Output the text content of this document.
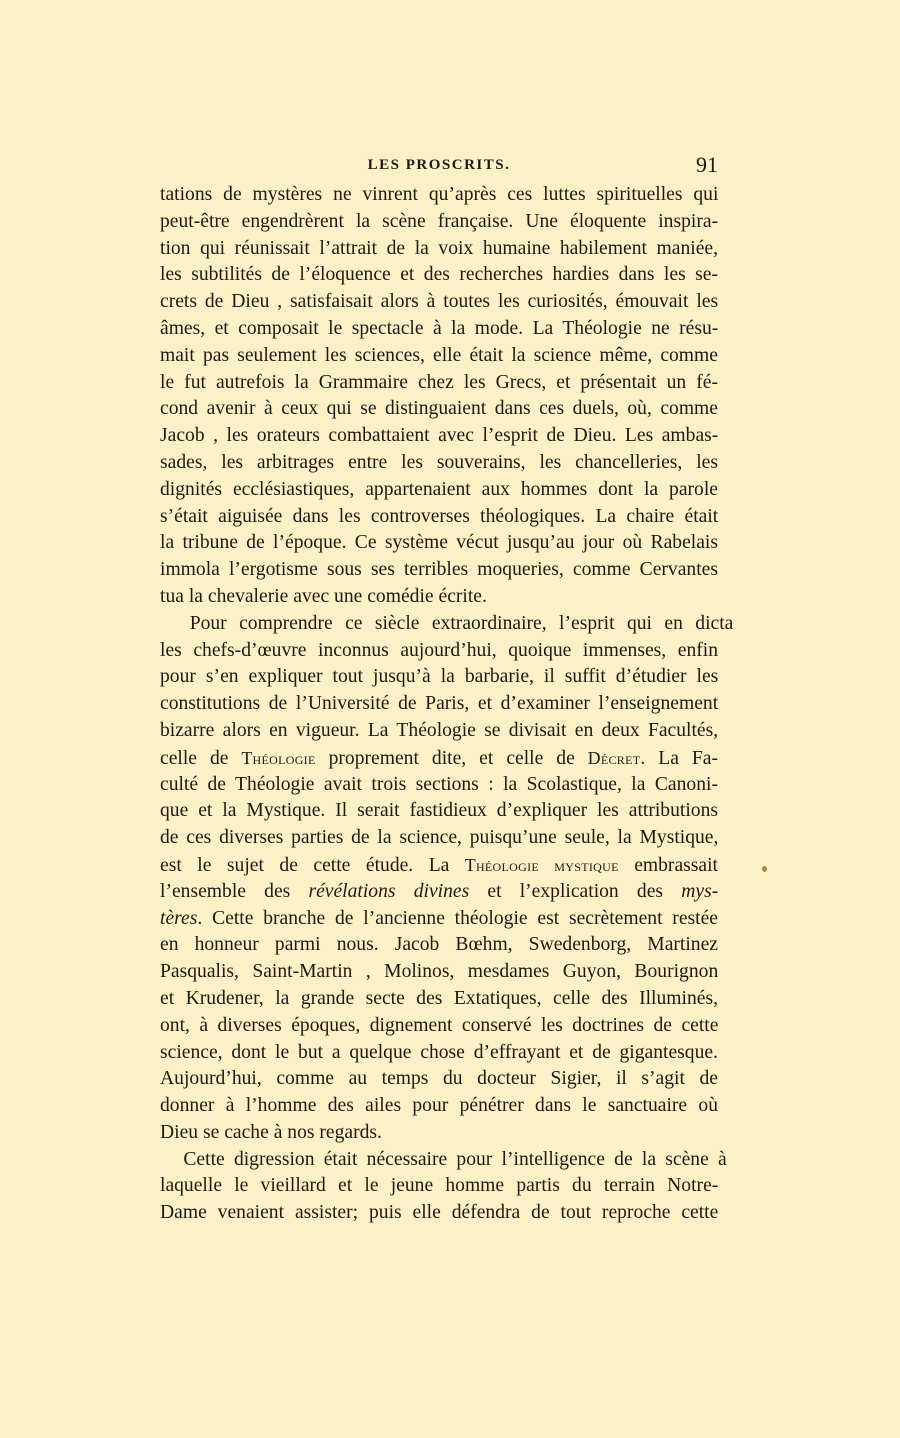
LES PROSCRITS.	91
tations de mystères ne vinrent qu’après ces luttes spirituelles qui
peut-être engendrèrent la scène française. Une éloquente inspira-
tion qui réunissait l’attrait de la voix humaine habilement maniée,
les subtilités de l’éloquence et des recherches hardies dans les se-
crets de Dieu , satisfaisait alors à toutes les curiosités, émouvait les
âmes, et composait le spectacle à la mode. La Théologie ne résu-
mait pas seulement les sciences, elle était la science même, comme
le fut autrefois la Grammaire chez les Grecs, et présentait un fé-
cond avenir à ceux qui se distinguaient dans ces duels, où, comme
Jacob , les orateurs combattaient avec l’esprit de Dieu. Les ambas-
sades, les arbitrages entre les souverains, les chancelleries, les
dignités ecclésiastiques, appartenaient aux hommes dont la parole
s’était aiguisée dans les controverses théologiques. La chaire était
la tribune de l’époque. Ce système vécut jusqu’au jour où Rabelais
immola l’ergotisme sous ses terribles moqueries, comme Cervantes
tua la chevalerie avec une comédie écrite.
Pour comprendre ce siècle extraordinaire, l’esprit qui en dicta
les chefs-d’œuvre inconnus aujourd’hui, quoique immenses, enfin
pour s’en expliquer tout jusqu’à la barbarie, il suffit d’étudier les
constitutions de l’Université de Paris, et d’examiner l’enseignement
bizarre alors en vigueur. La Théologie se divisait en deux Facultés,
celle de Théologie proprement dite, et celle de Décret. La Fa-
culté de Théologie avait trois sections : la Scolastique, la Canoni-
que et la Mystique. Il serait fastidieux d’expliquer les attributions
de ces diverses parties de la science, puisqu’une seule, la Mystique,
est le sujet de cette étude. La Théologie mystique embrassait
l’ensemble des révélations divines et l’explication des mys-
tères. Cette branche de l’ancienne théologie est secrètement restée
en honneur parmi nous. Jacob Bœhm, Swedenborg, Martinez
Pasqualis, Saint-Martin , Molinos, mesdames Guyon, Bourignon
et Krudener, la grande secte des Extatiques, celle des Illuminés,
ont, à diverses époques, dignement conservé les doctrines de cette
science, dont le but a quelque chose d’effrayant et de gigantesque.
Aujourd’hui, comme au temps du docteur Sigier, il s’agit de
donner à l’homme des ailes pour pénétrer dans le sanctuaire où
Dieu se cache à nos regards.
Cette digression était nécessaire pour l’intelligence de la scène à
laquelle le vieillard et le jeune homme partis du terrain Notre-
Dame venaient assister; puis elle défendra de tout reproche cette
